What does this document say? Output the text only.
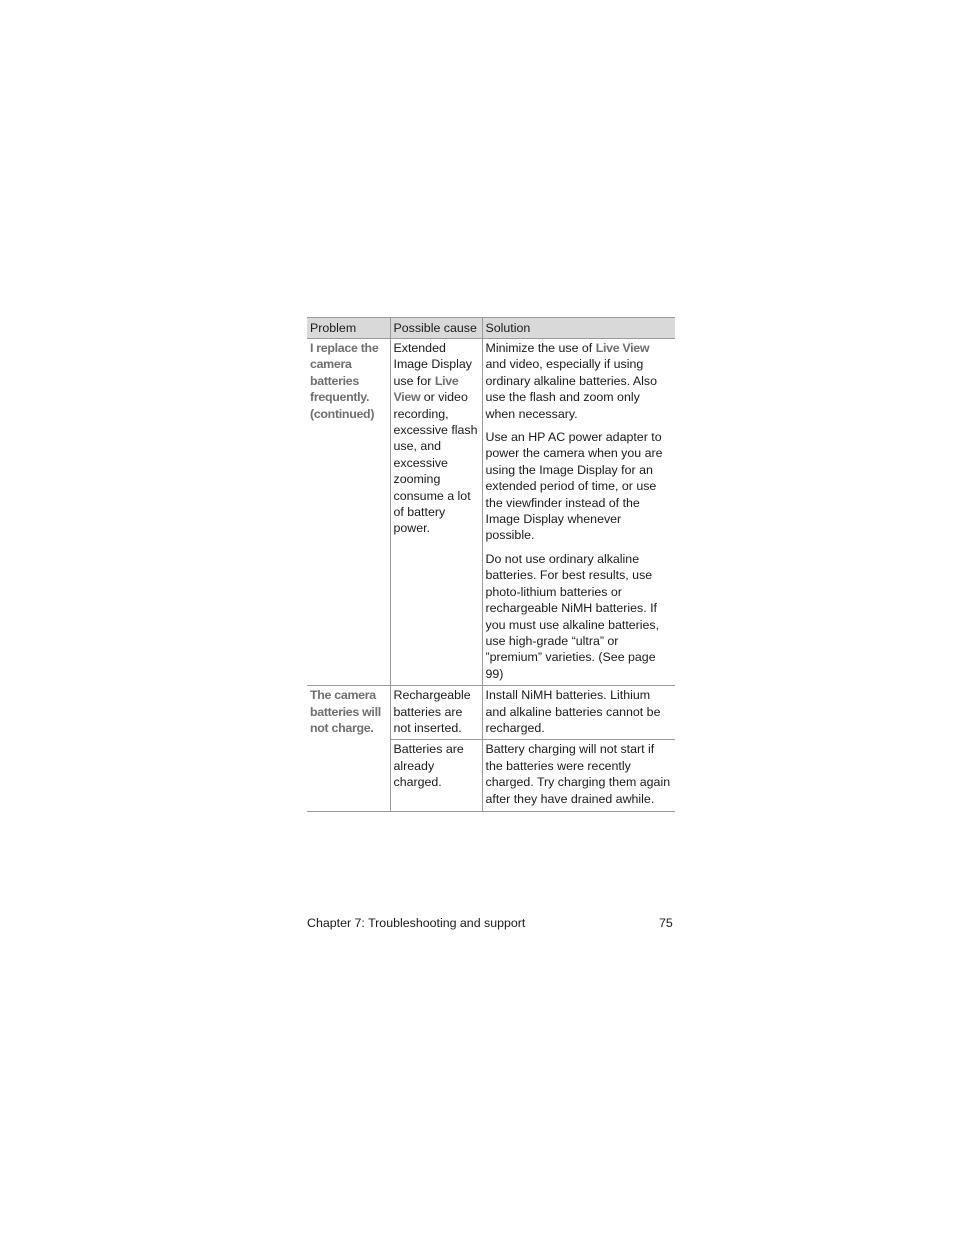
Problem	Possible cause	Solution
I replace the camera batteries frequently. (continued)	Extended Image Display use for Live View or video recording, excessive flash use, and excessive zooming consume a lot of battery power.	Minimize the use of Live View and video, especially if using ordinary alkaline batteries. Also use the flash and zoom only when necessary.

Use an HP AC power adapter to power the camera when you are using the Image Display for an extended period of time, or use the viewfinder instead of the Image Display whenever possible.

Do not use ordinary alkaline batteries. For best results, use photo-lithium batteries or rechargeable NiMH batteries. If you must use alkaline batteries, use high-grade “ultra” or ”premium” varieties. (See page 99)

The camera batteries will not charge.	Rechargeable batteries are not inserted.	Install NiMH batteries. Lithium and alkaline batteries cannot be recharged.
	Batteries are already charged.	Battery charging will not start if the batteries were recently charged. Try charging them again after they have drained awhile.
Chapter 7: Troubleshooting and support	75
